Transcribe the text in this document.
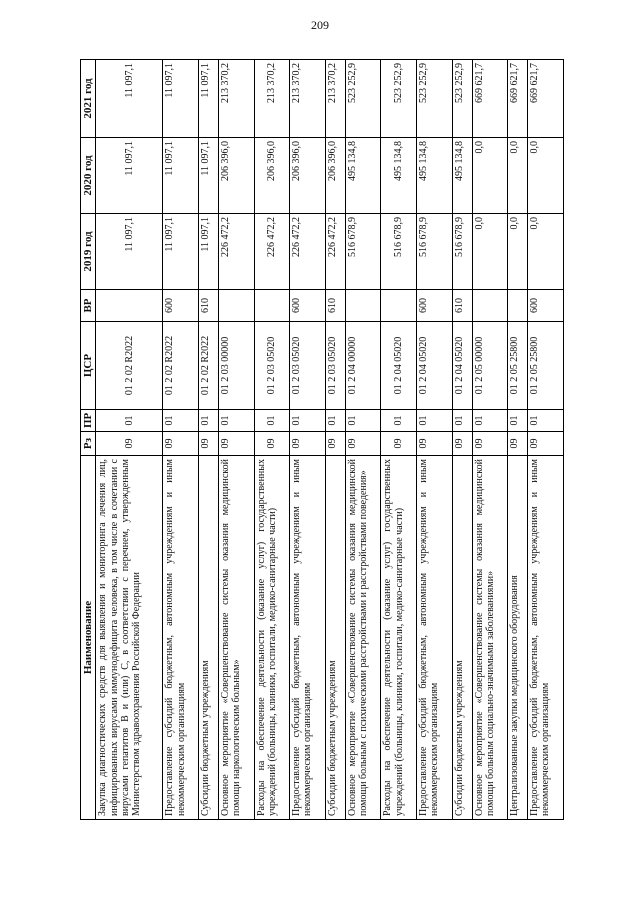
209
Наименование	Рз	ПР	ЦСР	ВР	2019 год	2020 год	2021 год
Закупка диагностических средств для выявления и мониторинга лечения лиц, инфицированных вирусами иммунодефицита человека, в том числе в сочетании с вирусами гепатитов В и (или) С, в соответствии с перечнем, утвержденным Министерством здравоохранения Российской Федерации	09	01	01 2 02 R2022		11 097,1	11 097,1	11 097,1
Предоставление субсидий бюджетным, автономным учреждениям и иным некоммерческим организациям	09	01	01 2 02 R2022	600	11 097,1	11 097,1	11 097,1
Субсидии бюджетным учреждениям	09	01	01 2 02 R2022	610	11 097,1	11 097,1	11 097,1
Основное мероприятие «Совершенствование системы оказания медицинской помощи наркологическим больным»	09	01	01 2 03 00000		226 472,2	206 396,0	213 370,2
Расходы на обеспечение деятельности (оказание услуг) государственных учреждений (больницы, клиники, госпитали, медико-санитарные части)	09	01	01 2 03 05020		226 472,2	206 396,0	213 370,2
Предоставление субсидий бюджетным, автономным учреждениям и иным некоммерческим организациям	09	01	01 2 03 05020	600	226 472,2	206 396,0	213 370,2
Субсидии бюджетным учреждениям	09	01	01 2 03 05020	610	226 472,2	206 396,0	213 370,2
Основное мероприятие «Совершенствование системы оказания медицинской помощи больным с психическими расстройствами и расстройствами поведения»	09	01	01 2 04 00000		516 678,9	495 134,8	523 252,9
Расходы на обеспечение деятельности (оказание услуг) государственных учреждений (больницы, клиники, госпитали, медико-санитарные части)	09	01	01 2 04 05020		516 678,9	495 134,8	523 252,9
Предоставление субсидий бюджетным, автономным учреждениям и иным некоммерческим организациям	09	01	01 2 04 05020	600	516 678,9	495 134,8	523 252,9
Субсидии бюджетным учреждениям	09	01	01 2 04 05020	610	516 678,9	495 134,8	523 252,9
Основное мероприятие «Совершенствование системы оказания медицинской помощи больным социально-значимыми заболеваниями»	09	01	01 2 05 00000		0,0	0,0	669 621,7
Централизованные закупки медицинского оборудования	09	01	01 2 05 25800		0,0	0,0	669 621,7
Предоставление субсидий бюджетным, автономным учреждениям и иным некоммерческим организациям	09	01	01 2 05 25800	600	0,0	0,0	669 621,7
